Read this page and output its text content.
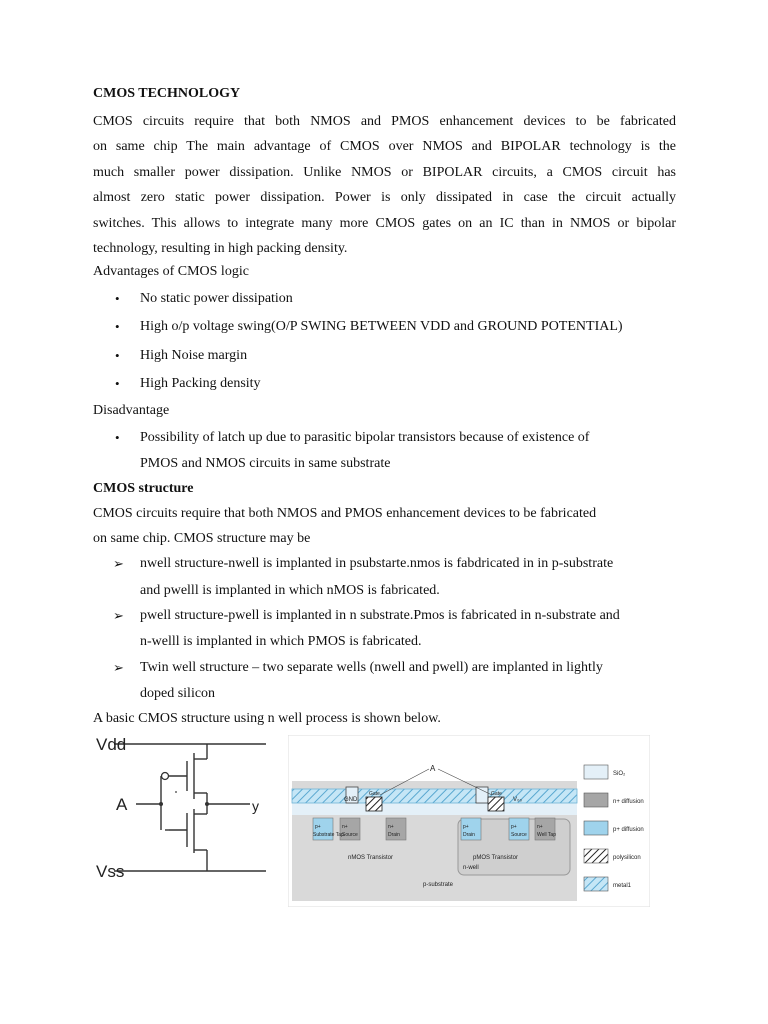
CMOS TECHNOLOGY
CMOS circuits require that both NMOS and PMOS enhancement devices to be fabricated
on same chip The main advantage of CMOS over NMOS and BIPOLAR technology is the
much smaller power dissipation. Unlike NMOS or BIPOLAR circuits, a CMOS circuit has
almost zero static power dissipation. Power is only dissipated in case the circuit actually
switches. This allows to integrate many more CMOS gates on an IC than in NMOS or bipolar
technology, resulting in high packing density.
Advantages of CMOS logic
• No static power dissipation
• High o/p voltage swing(O/P SWING BETWEEN VDD and GROUND POTENTIAL)
• High Noise margin
• High Packing density
Disadvantage
• Possibility of latch up due to parasitic bipolar transistors because of existence of
PMOS and NMOS circuits in same substrate
CMOS structure
CMOS circuits require that both NMOS and PMOS enhancement devices to be fabricated
on same chip. CMOS structure may be
➢ nwell structure-nwell is implanted in psubstarte.nmos is fabdricated in in p-substrate
and pwelll is implanted in which nMOS is fabricated.
➢ pwell structure-pwell is implanted in n substrate.Pmos is fabricated in n-substrate and
n-welll is implanted in which PMOS is fabricated.
➢ Twin well structure – two separate wells (nwell and pwell) are implanted in lightly
doped silicon
A basic CMOS structure using n well process is shown below.
Vdd
A	y
Vss
p+
Substrate Tap
n+
Source
n+
Drain
p+
Drain
p+
Source
n+
Well Tap
Gate	Gate
GND	V₀₀
nMOS Transistor	pMOS Transistor
n-well
p-substrate
A
SiO₂
n+ diffusion
p+ diffusion
polysilicon
metal1
